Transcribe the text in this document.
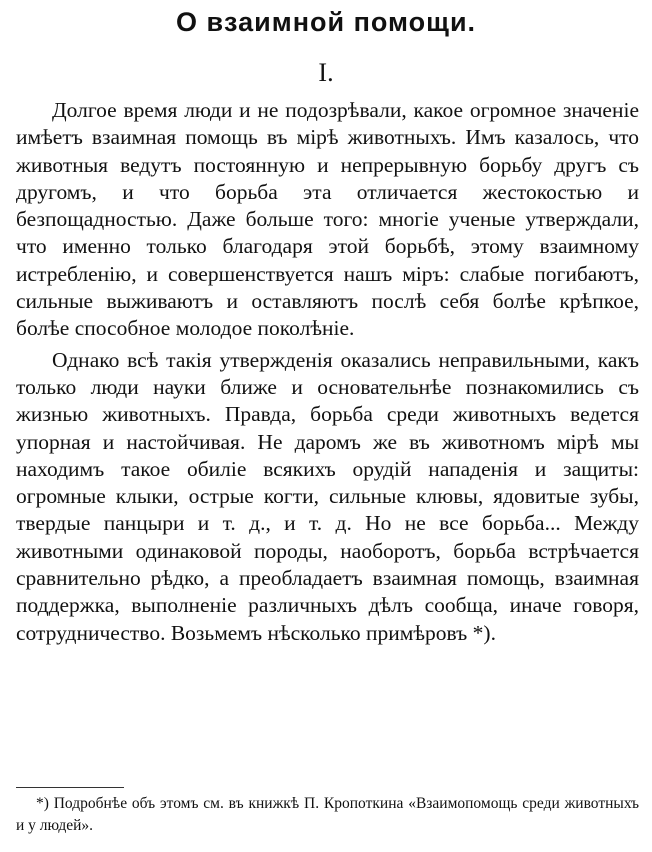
О взаимной помощи.
I.

Долгое время люди и не подозрѣвали, какое огромное значенiе имѣетъ взаимная помощь въ мiрѣ животныхъ. Имъ казалось, что животныя ведутъ постоянную и непрерывную борьбу другъ съ другомъ, и что борьба эта отличается жестокостью и безпощадностью. Даже больше того: многiе ученые утверждали, что именно только благодаря этой борьбѣ, этому взаимному истребленiю, и совершенствуется нашъ мiръ: слабые погибаютъ, сильные выживаютъ и оставляютъ послѣ себя болѣе крѣпкое, болѣе способное молодое поколѣнiе.

Однако всѣ такiя утвержденiя оказались неправильными, какъ только люди науки ближе и основательнѣе познакомились съ жизнью животныхъ. Правда, борьба среди животныхъ ведется упорная и настойчивая. Не даромъ же въ животномъ мiрѣ мы находимъ такое обилiе всякихъ орудiй нападенiя и защиты: огромные клыки, острые когти, сильные клювы, ядовитые зубы, твердые панцыри и т. д., и т. д. Но не все борьба... Между животными одинаковой породы, наоборотъ, борьба встрѣчается сравнительно рѣдко, а преобладаетъ взаимная помощь, взаимная поддержка, выполненiе различныхъ дѣлъ сообща, иначе говоря, сотрудничество. Возьмемъ нѣсколько примѣровъ *).

*) Подробнѣе объ этомъ см. въ книжкѣ П. Кропоткина «Взаимопомощь среди животныхъ и у людей».
